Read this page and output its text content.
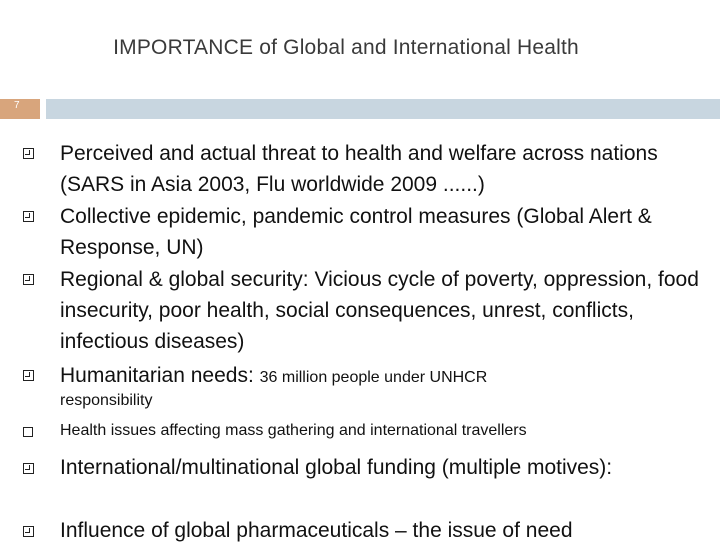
IMPORTANCE of Global and International Health
7
Perceived and actual threat to health and welfare across nations (SARS in Asia 2003, Flu worldwide 2009 ......)
Collective epidemic, pandemic control measures (Global Alert & Response, UN)
Regional & global security: Vicious cycle of poverty, oppression, food insecurity, poor health, social consequences, unrest, conflicts, infectious diseases)
Humanitarian needs: 36 million people under UNHCR
responsibility
Health issues affecting mass gathering and international travellers
International/multinational global funding (multiple motives):
Influence of global pharmaceuticals – the issue of need
